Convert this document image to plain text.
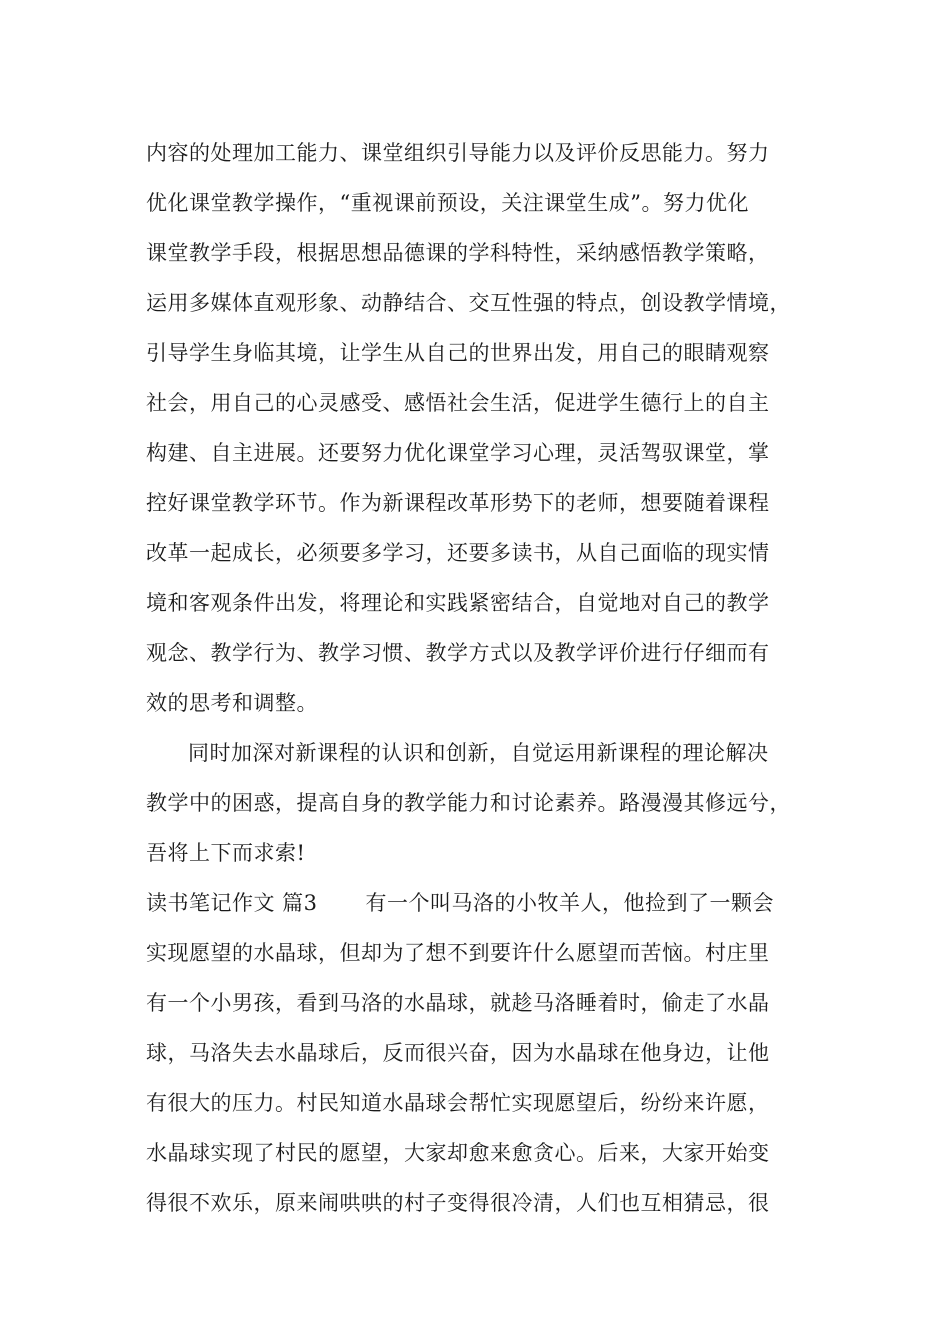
内容的处理加工能力、课堂组织引导能力以及评价反思能力。努力
优化课堂教学操作，“重视课前预设，关注课堂生成”。努力优化
课堂教学手段，根据思想品德课的学科特性，采纳感悟教学策略，
运用多媒体直观形象、动静结合、交互性强的特点，创设教学情境，
引导学生身临其境，让学生从自己的世界出发，用自己的眼睛观察
社会，用自己的心灵感受、感悟社会生活，促进学生德行上的自主
构建、自主进展。还要努力优化课堂学习心理，灵活驾驭课堂，掌
控好课堂教学环节。作为新课程改革形势下的老师，想要随着课程
改革一起成长，必须要多学习，还要多读书，从自己面临的现实情
境和客观条件出发，将理论和实践紧密结合，自觉地对自己的教学
观念、教学行为、教学习惯、教学方式以及教学评价进行仔细而有
效的思考和调整。
同时加深对新课程的认识和创新，自觉运用新课程的理论解决
教学中的困惑，提高自身的教学能力和讨论素养。路漫漫其修远兮，
吾将上下而求索!
读书笔记作文 篇3 有一个叫马洛的小牧羊人，他捡到了一颗会
实现愿望的水晶球，但却为了想不到要许什么愿望而苦恼。村庄里
有一个小男孩，看到马洛的水晶球，就趁马洛睡着时，偷走了水晶
球，马洛失去水晶球后，反而很兴奋，因为水晶球在他身边，让他
有很大的压力。村民知道水晶球会帮忙实现愿望后，纷纷来许愿，
水晶球实现了村民的愿望，大家却愈来愈贪心。后来，大家开始变
得很不欢乐，原来闹哄哄的村子变得很冷清，人们也互相猜忌，很
